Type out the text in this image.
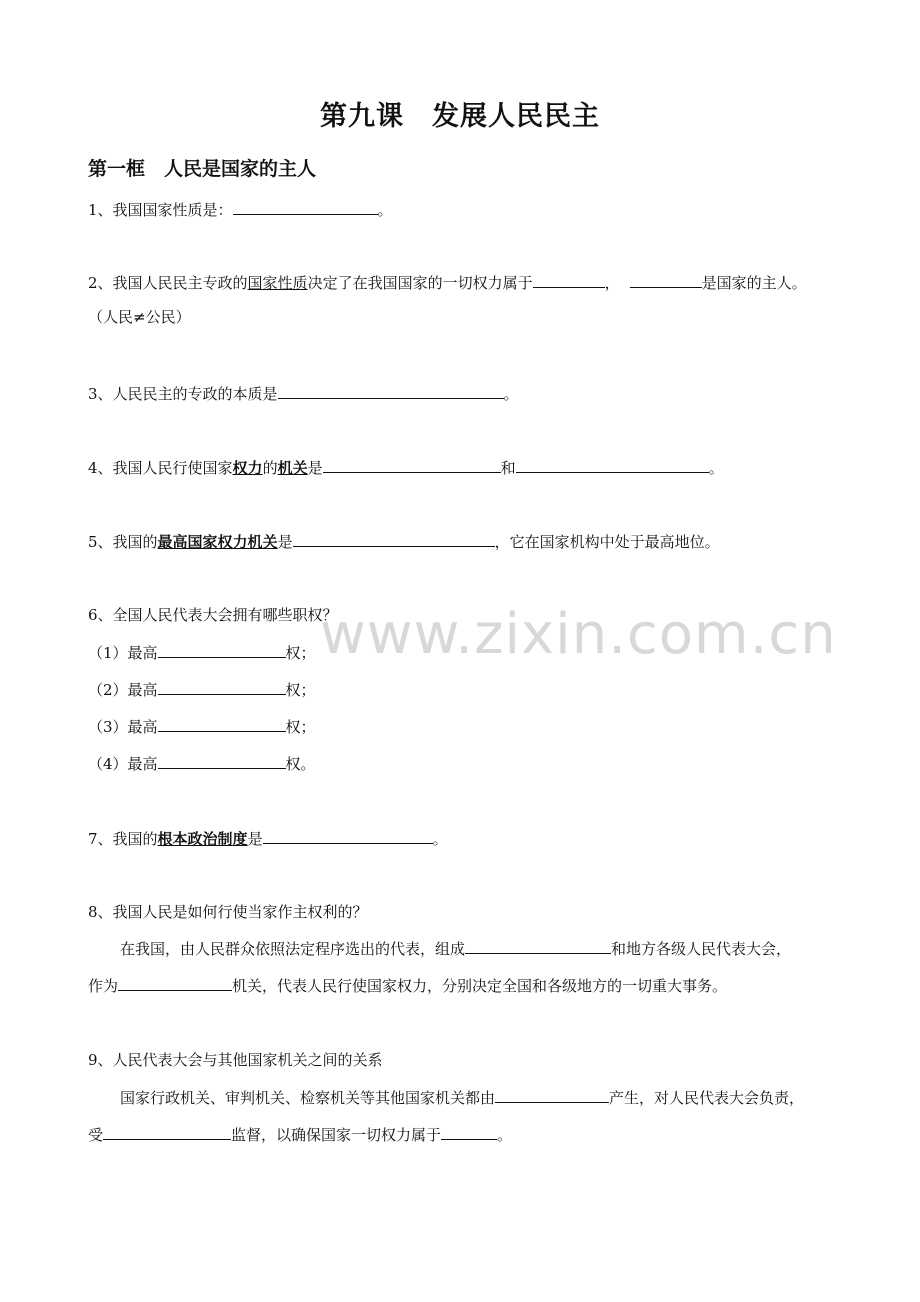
www.zixin.com.cn
第九课　发展人民民主
第一框　人民是国家的主人
1、我国国家性质是：	。
2、我国人民民主专政的国家性质决定了在我国国家的一切权力属于	，	是国家的主人。
（人民≠公民）
3、人民民主的专政的本质是	。
4、我国人民行使国家权力的机关是	和	。
5、我国的最高国家权力机关是	，它在国家机构中处于最高地位。
6、全国人民代表大会拥有哪些职权？
（1）最高	权；
（2）最高	权；
（3）最高	权；
（4）最高	权。
7、我国的根本政治制度是	。
8、我国人民是如何行使当家作主权利的？
在我国，由人民群众依照法定程序选出的代表，组成	和地方各级人民代表大会，
作为	机关，代表人民行使国家权力，分别决定全国和各级地方的一切重大事务。
9、人民代表大会与其他国家机关之间的关系
国家行政机关、审判机关、检察机关等其他国家机关都由	产生，对人民代表大会负责，
受	监督，以确保国家一切权力属于	。
